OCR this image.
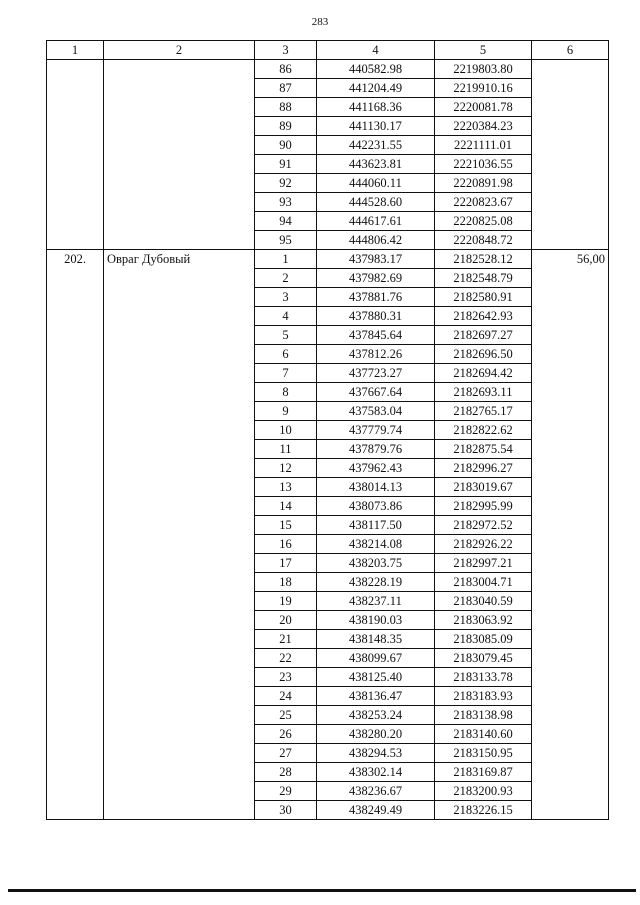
283
1	2	3	4	5	6
		86	440582.98	2219803.80	
		87	441204.49	2219910.16	
		88	441168.36	2220081.78	
		89	441130.17	2220384.23	
		90	442231.55	2221111.01	
		91	443623.81	2221036.55	
		92	444060.11	2220891.98	
		93	444528.60	2220823.67	
		94	444617.61	2220825.08	
		95	444806.42	2220848.72	
202.	Овраг Дубовый	1	437983.17	2182528.12	56,00
		2	437982.69	2182548.79	
		3	437881.76	2182580.91	
		4	437880.31	2182642.93	
		5	437845.64	2182697.27	
		6	437812.26	2182696.50	
		7	437723.27	2182694.42	
		8	437667.64	2182693.11	
		9	437583.04	2182765.17	
		10	437779.74	2182822.62	
		11	437879.76	2182875.54	
		12	437962.43	2182996.27	
		13	438014.13	2183019.67	
		14	438073.86	2182995.99	
		15	438117.50	2182972.52	
		16	438214.08	2182926.22	
		17	438203.75	2182997.21	
		18	438228.19	2183004.71	
		19	438237.11	2183040.59	
		20	438190.03	2183063.92	
		21	438148.35	2183085.09	
		22	438099.67	2183079.45	
		23	438125.40	2183133.78	
		24	438136.47	2183183.93	
		25	438253.24	2183138.98	
		26	438280.20	2183140.60	
		27	438294.53	2183150.95	
		28	438302.14	2183169.87	
		29	438236.67	2183200.93	
		30	438249.49	2183226.15	
